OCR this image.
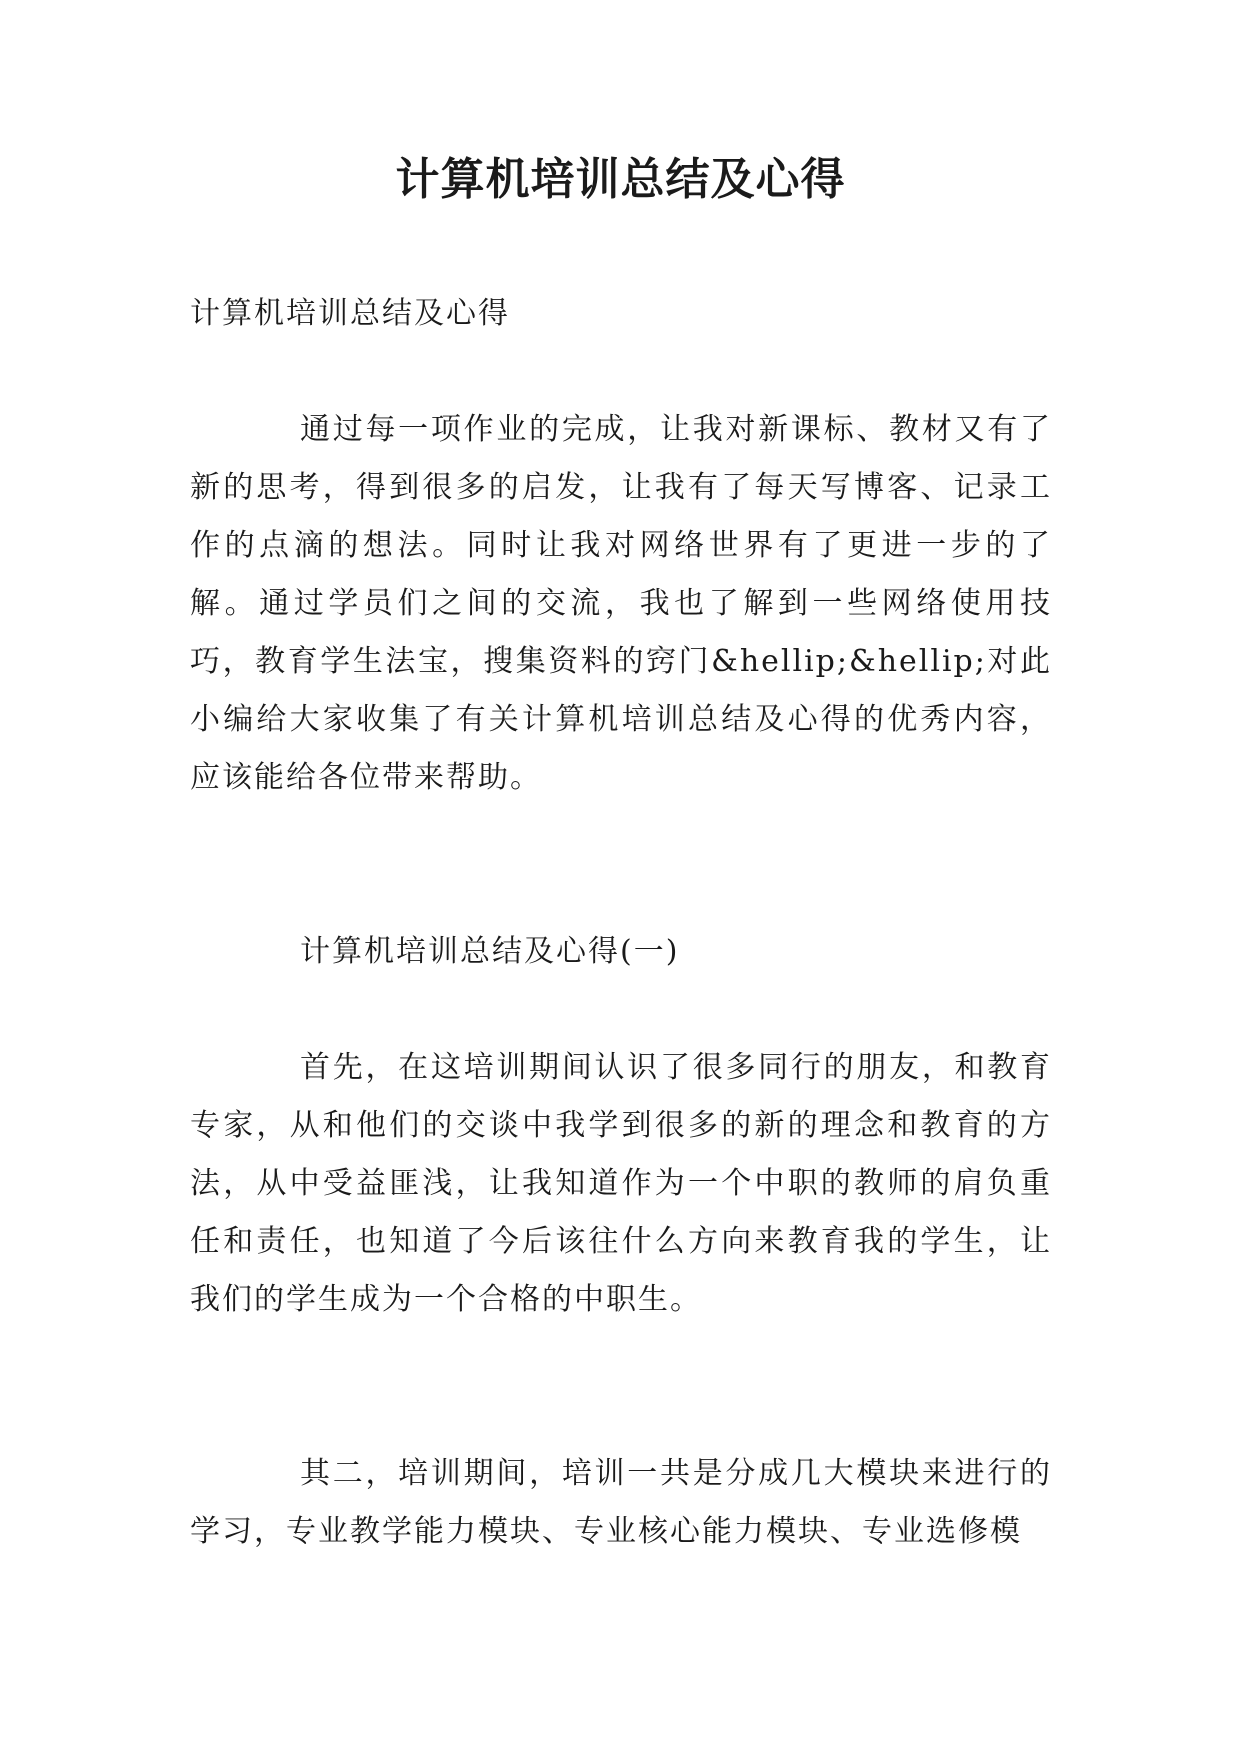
计算机培训总结及心得

计算机培训总结及心得

通过每一项作业的完成，让我对新课标、教材又有了新的思考，得到很多的启发，让我有了每天写博客、记录工作的点滴的想法。同时让我对网络世界有了更进一步的了解。通过学员们之间的交流，我也了解到一些网络使用技巧，教育学生法宝，搜集资料的窍门&hellip;&hellip;对此小编给大家收集了有关计算机培训总结及心得的优秀内容，应该能给各位带来帮助。

计算机培训总结及心得(一)

首先，在这培训期间认识了很多同行的朋友，和教育专家，从和他们的交谈中我学到很多的新的理念和教育的方法，从中受益匪浅，让我知道作为一个中职的教师的肩负重任和责任，也知道了今后该往什么方向来教育我的学生，让我们的学生成为一个合格的中职生。

其二，培训期间，培训一共是分成几大模块来进行的学习，专业教学能力模块、专业核心能力模块、专业选修模
